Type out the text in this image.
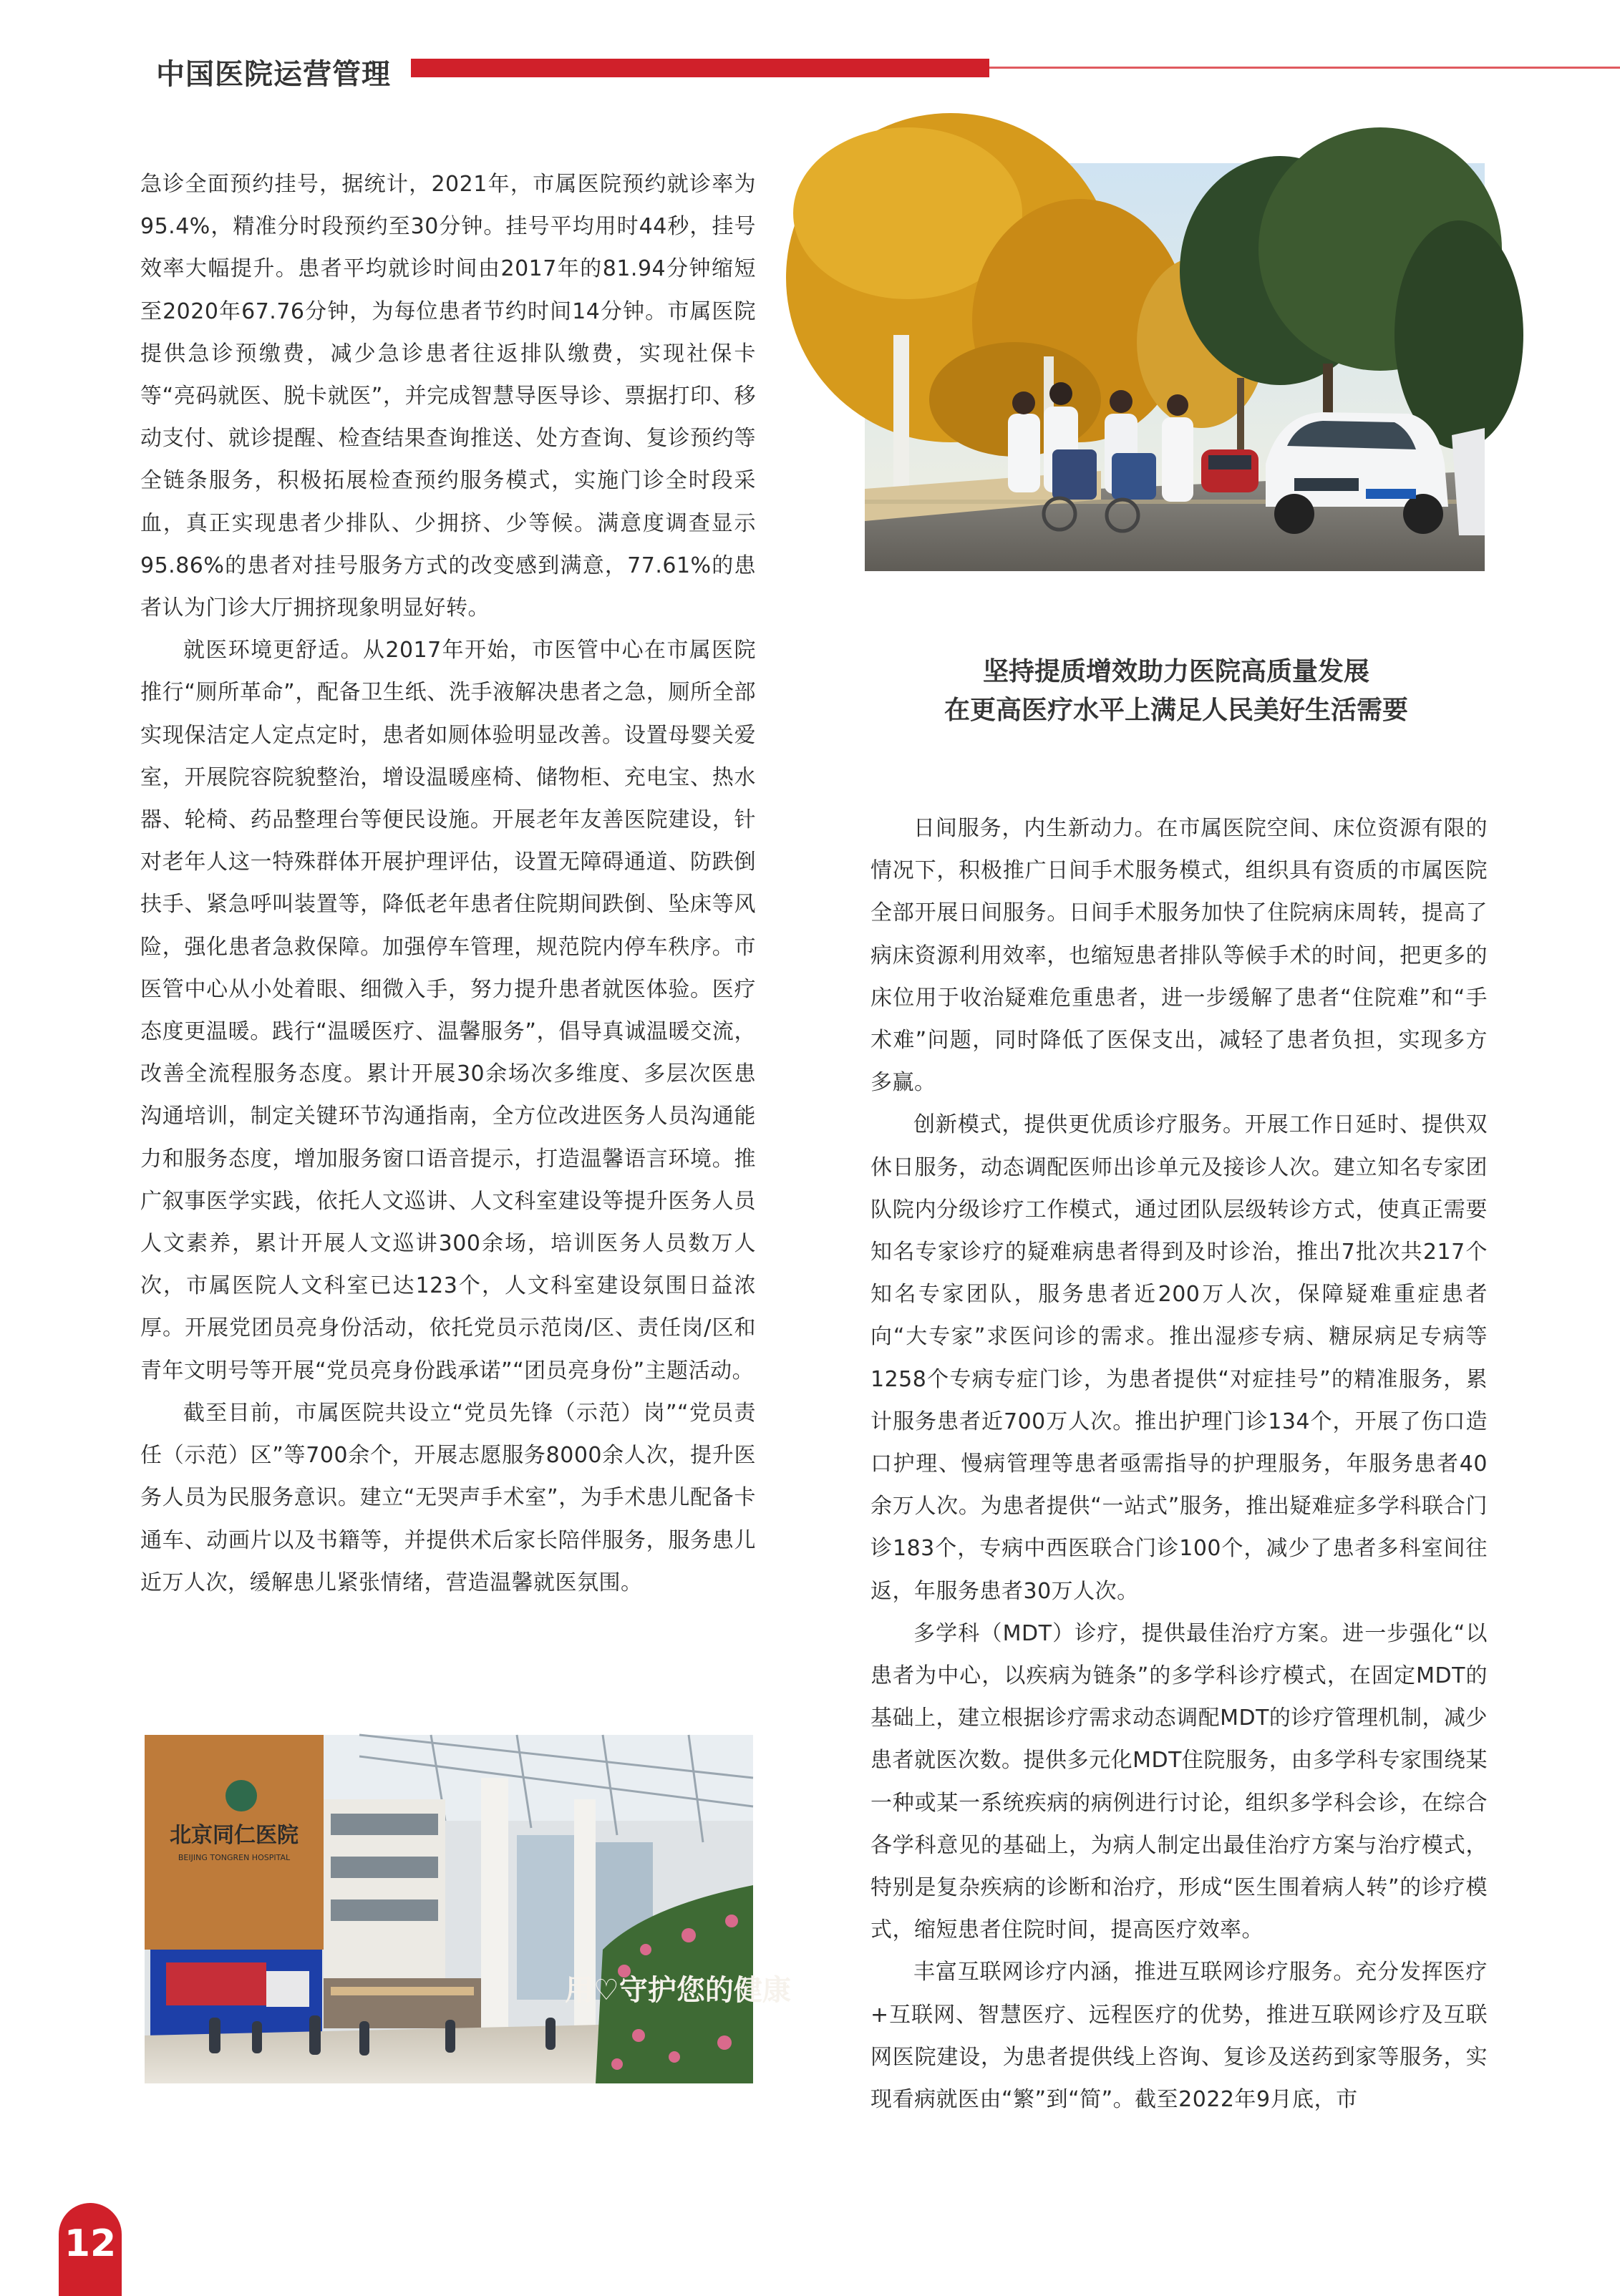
中国医院运营管理

急诊全面预约挂号，据统计，2021年，市属医院预约就诊率为95.4%，精准分时段预约至30分钟。挂号平均用时44秒，挂号效率大幅提升。患者平均就诊时间由2017年的81.94分钟缩短至2020年67.76分钟，为每位患者节约时间14分钟。市属医院提供急诊预缴费，减少急诊患者往返排队缴费，实现社保卡等“亮码就医、脱卡就医”，并完成智慧导医导诊、票据打印、移动支付、就诊提醒、检查结果查询推送、处方查询、复诊预约等全链条服务，积极拓展检查预约服务模式，实施门诊全时段采血，真正实现患者少排队、少拥挤、少等候。满意度调查显示95.86%的患者对挂号服务方式的改变感到满意，77.61%的患者认为门诊大厅拥挤现象明显好转。

就医环境更舒适。从2017年开始，市医管中心在市属医院推行“厕所革命”，配备卫生纸、洗手液解决患者之急，厕所全部实现保洁定人定点定时，患者如厕体验明显改善。设置母婴关爱室，开展院容院貌整治，增设温暖座椅、储物柜、充电宝、热水器、轮椅、药品整理台等便民设施。开展老年友善医院建设，针对老年人这一特殊群体开展护理评估，设置无障碍通道、防跌倒扶手、紧急呼叫装置等，降低老年患者住院期间跌倒、坠床等风险，强化患者急救保障。加强停车管理，规范院内停车秩序。市医管中心从小处着眼、细微入手，努力提升患者就医体验。医疗态度更温暖。践行“温暖医疗、温馨服务”，倡导真诚温暖交流，改善全流程服务态度。累计开展30余场次多维度、多层次医患沟通培训，制定关键环节沟通指南，全方位改进医务人员沟通能力和服务态度，增加服务窗口语音提示，打造温馨语言环境。推广叙事医学实践，依托人文巡讲、人文科室建设等提升医务人员人文素养，累计开展人文巡讲300余场，培训医务人员数万人次，市属医院人文科室已达123个，人文科室建设氛围日益浓厚。开展党团员亮身份活动，依托党员示范岗/区、责任岗/区和青年文明号等开展“党员亮身份践承诺”“团员亮身份”主题活动。

截至目前，市属医院共设立“党员先锋（示范）岗”“党员责任（示范）区”等700余个，开展志愿服务8000余人次，提升医务人员为民服务意识。建立“无哭声手术室”，为手术患儿配备卡通车、动画片以及书籍等，并提供术后家长陪伴服务，服务患儿近万人次，缓解患儿紧张情绪，营造温馨就医氛围。

坚持提质增效助力医院高质量发展
在更高医疗水平上满足人民美好生活需要

日间服务，内生新动力。在市属医院空间、床位资源有限的情况下，积极推广日间手术服务模式，组织具有资质的市属医院全部开展日间服务。日间手术服务加快了住院病床周转，提高了病床资源利用效率，也缩短患者排队等候手术的时间，把更多的床位用于收治疑难危重患者，进一步缓解了患者“住院难”和“手术难”问题，同时降低了医保支出，减轻了患者负担，实现多方多赢。

创新模式，提供更优质诊疗服务。开展工作日延时、提供双休日服务，动态调配医师出诊单元及接诊人次。建立知名专家团队院内分级诊疗工作模式，通过团队层级转诊方式，使真正需要知名专家诊疗的疑难病患者得到及时诊治，推出7批次共217个知名专家团队，服务患者近200万人次，保障疑难重症患者向“大专家”求医问诊的需求。推出湿疹专病、糖尿病足专病等1258个专病专症门诊，为患者提供“对症挂号”的精准服务，累计服务患者近700万人次。推出护理门诊134个，开展了伤口造口护理、慢病管理等患者亟需指导的护理服务，年服务患者40余万人次。为患者提供“一站式”服务，推出疑难症多学科联合门诊183个，专病中西医联合门诊100个，减少了患者多科室间往返，年服务患者30万人次。

多学科（MDT）诊疗，提供最佳治疗方案。进一步强化“以患者为中心，以疾病为链条”的多学科诊疗模式，在固定MDT的基础上，建立根据诊疗需求动态调配MDT的诊疗管理机制，减少患者就医次数。提供多元化MDT住院服务，由多学科专家围绕某一种或某一系统疾病的病例进行讨论，组织多学科会诊，在综合各学科意见的基础上，为病人制定出最佳治疗方案与治疗模式，特别是复杂疾病的诊断和治疗，形成“医生围着病人转”的诊疗模式，缩短患者住院时间，提高医疗效率。

丰富互联网诊疗内涵，推进互联网诊疗服务。充分发挥医疗+互联网、智慧医疗、远程医疗的优势，推进互联网诊疗及互联网医院建设，为患者提供线上咨询、复诊及送药到家等服务，实现看病就医由“繁”到“简”。截至2022年9月底，市

北京同仁医院
BEIJING TONGREN HOSPITAL
用♡守护您的健康
12
